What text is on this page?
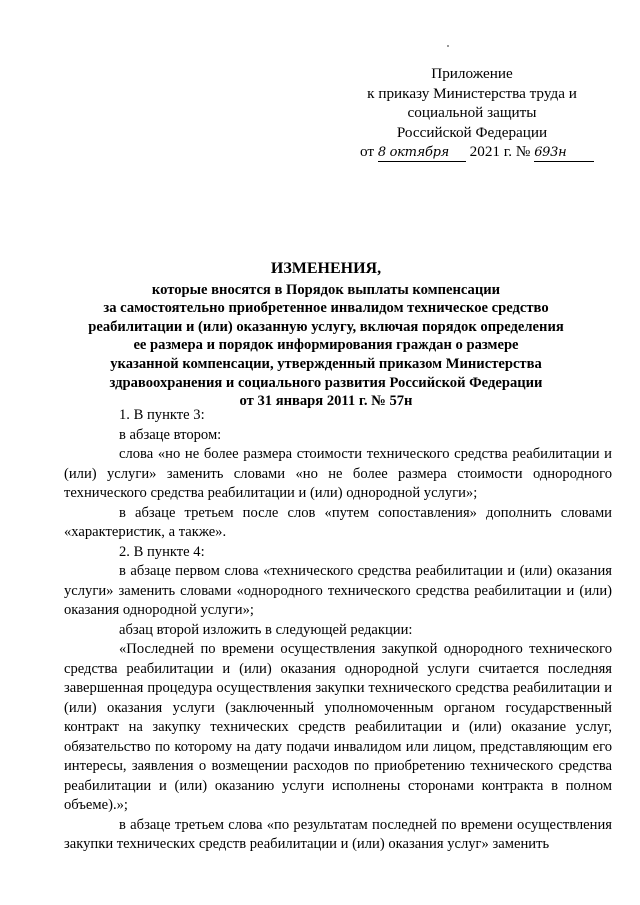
Приложение
к приказу Министерства труда и
социальной защиты
Российской Федерации
от 8 октября 2021 г. № 693н
ИЗМЕНЕНИЯ,
которые вносятся в Порядок выплаты компенсации
за самостоятельно приобретенное инвалидом техническое средство
реабилитации и (или) оказанную услугу, включая порядок определения
ее размера и порядок информирования граждан о размере
указанной компенсации, утвержденный приказом Министерства
здравоохранения и социального развития Российской Федерации
от 31 января 2011 г. № 57н

1. В пункте 3:

в абзаце втором:

слова «но не более размера стоимости технического средства реабилитации и (или) услуги» заменить словами «но не более размера стоимости однородного технического средства реабилитации и (или) однородной услуги»;

в абзаце третьем после слов «путем сопоставления» дополнить словами «характеристик, а также».

2. В пункте 4:

в абзаце первом слова «технического средства реабилитации и (или) оказания услуги» заменить словами «однородного технического средства реабилитации и (или) оказания однородной услуги»;

абзац второй изложить в следующей редакции:

«Последней по времени осуществления закупкой однородного технического средства реабилитации и (или) оказания однородной услуги считается последняя завершенная процедура осуществления закупки технического средства реабилитации и (или) оказания услуги (заключенный уполномоченным органом государственный контракт на закупку технических средств реабилитации и (или) оказание услуг, обязательство по которому на дату подачи инвалидом или лицом, представляющим его интересы, заявления о возмещении расходов по приобретению технического средства реабилитации и (или) оказанию услуги исполнены сторонами контракта в полном объеме).»;

в абзаце третьем слова «по результатам последней по времени осуществления закупки технических средств реабилитации и (или) оказания услуг» заменить
